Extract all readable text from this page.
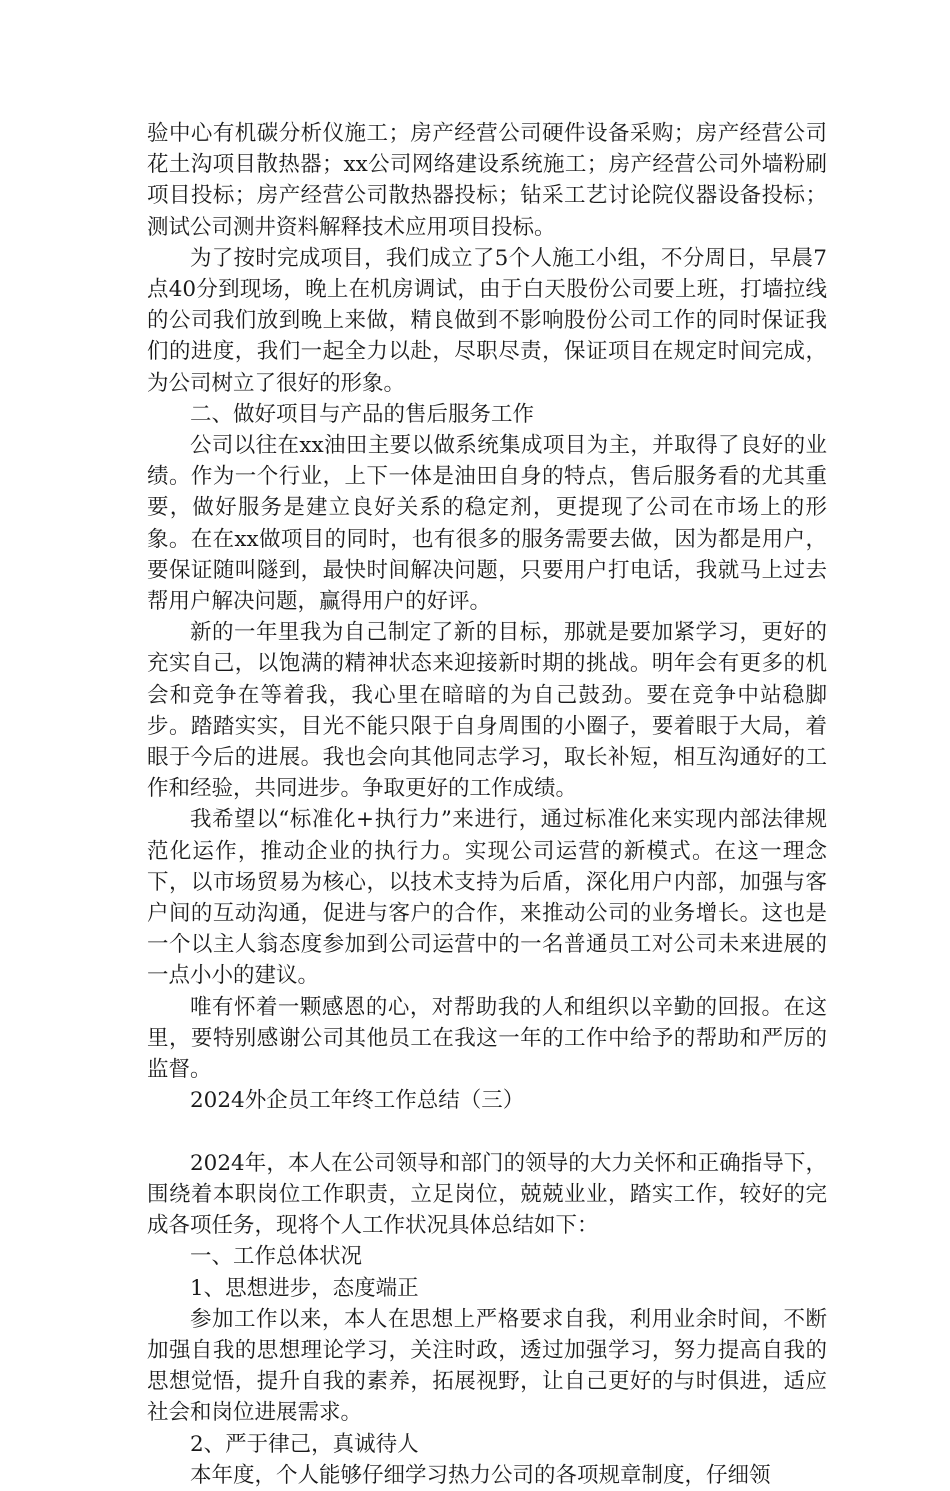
验中心有机碳分析仪施工；房产经营公司硬件设备采购；房产经营公司花土沟项目散热器；xx公司网络建设系统施工；房产经营公司外墙粉刷项目投标；房产经营公司散热器投标；钻采工艺讨论院仪器设备投标；测试公司测井资料解释技术应用项目投标。

为了按时完成项目，我们成立了5个人施工小组，不分周日，早晨7点40分到现场，晚上在机房调试，由于白天股份公司要上班，打墙拉线的公司我们放到晚上来做，精良做到不影响股份公司工作的同时保证我们的进度，我们一起全力以赴，尽职尽责，保证项目在规定时间完成，为公司树立了很好的形象。

二、做好项目与产品的售后服务工作

公司以往在xx油田主要以做系统集成项目为主，并取得了良好的业绩。作为一个行业，上下一体是油田自身的特点，售后服务看的尤其重要，做好服务是建立良好关系的稳定剂，更提现了公司在市场上的形象。在在xx做项目的同时，也有很多的服务需要去做，因为都是用户，要保证随叫隧到，最快时间解决问题，只要用户打电话，我就马上过去帮用户解决问题，赢得用户的好评。

新的一年里我为自己制定了新的目标，那就是要加紧学习，更好的充实自己，以饱满的精神状态来迎接新时期的挑战。明年会有更多的机会和竞争在等着我，我心里在暗暗的为自己鼓劲。要在竞争中站稳脚步。踏踏实实，目光不能只限于自身周围的小圈子，要着眼于大局，着眼于今后的进展。我也会向其他同志学习，取长补短，相互沟通好的工作和经验，共同进步。争取更好的工作成绩。

我希望以“标准化+执行力”来进行，通过标准化来实现内部法律规范化运作，推动企业的执行力。实现公司运营的新模式。在这一理念下，以市场贸易为核心，以技术支持为后盾，深化用户内部，加强与客户间的互动沟通，促进与客户的合作，来推动公司的业务增长。这也是一个以主人翁态度参加到公司运营中的一名普通员工对公司未来进展的一点小小的建议。

唯有怀着一颗感恩的心，对帮助我的人和组织以辛勤的回报。在这里，要特别感谢公司其他员工在我这一年的工作中给予的帮助和严厉的监督。

2024外企员工年终工作总结（三）

2024年，本人在公司领导和部门的领导的大力关怀和正确指导下，围绕着本职岗位工作职责，立足岗位，兢兢业业，踏实工作，较好的完成各项任务，现将个人工作状况具体总结如下：

一、工作总体状况

1、思想进步，态度端正

参加工作以来，本人在思想上严格要求自我，利用业余时间，不断加强自我的思想理论学习，关注时政，透过加强学习，努力提高自我的思想觉悟，提升自我的素养，拓展视野，让自己更好的与时俱进，适应社会和岗位进展需求。

2、严于律己，真诚待人

本年度，个人能够仔细学习热力公司的各项规章制度，仔细领
